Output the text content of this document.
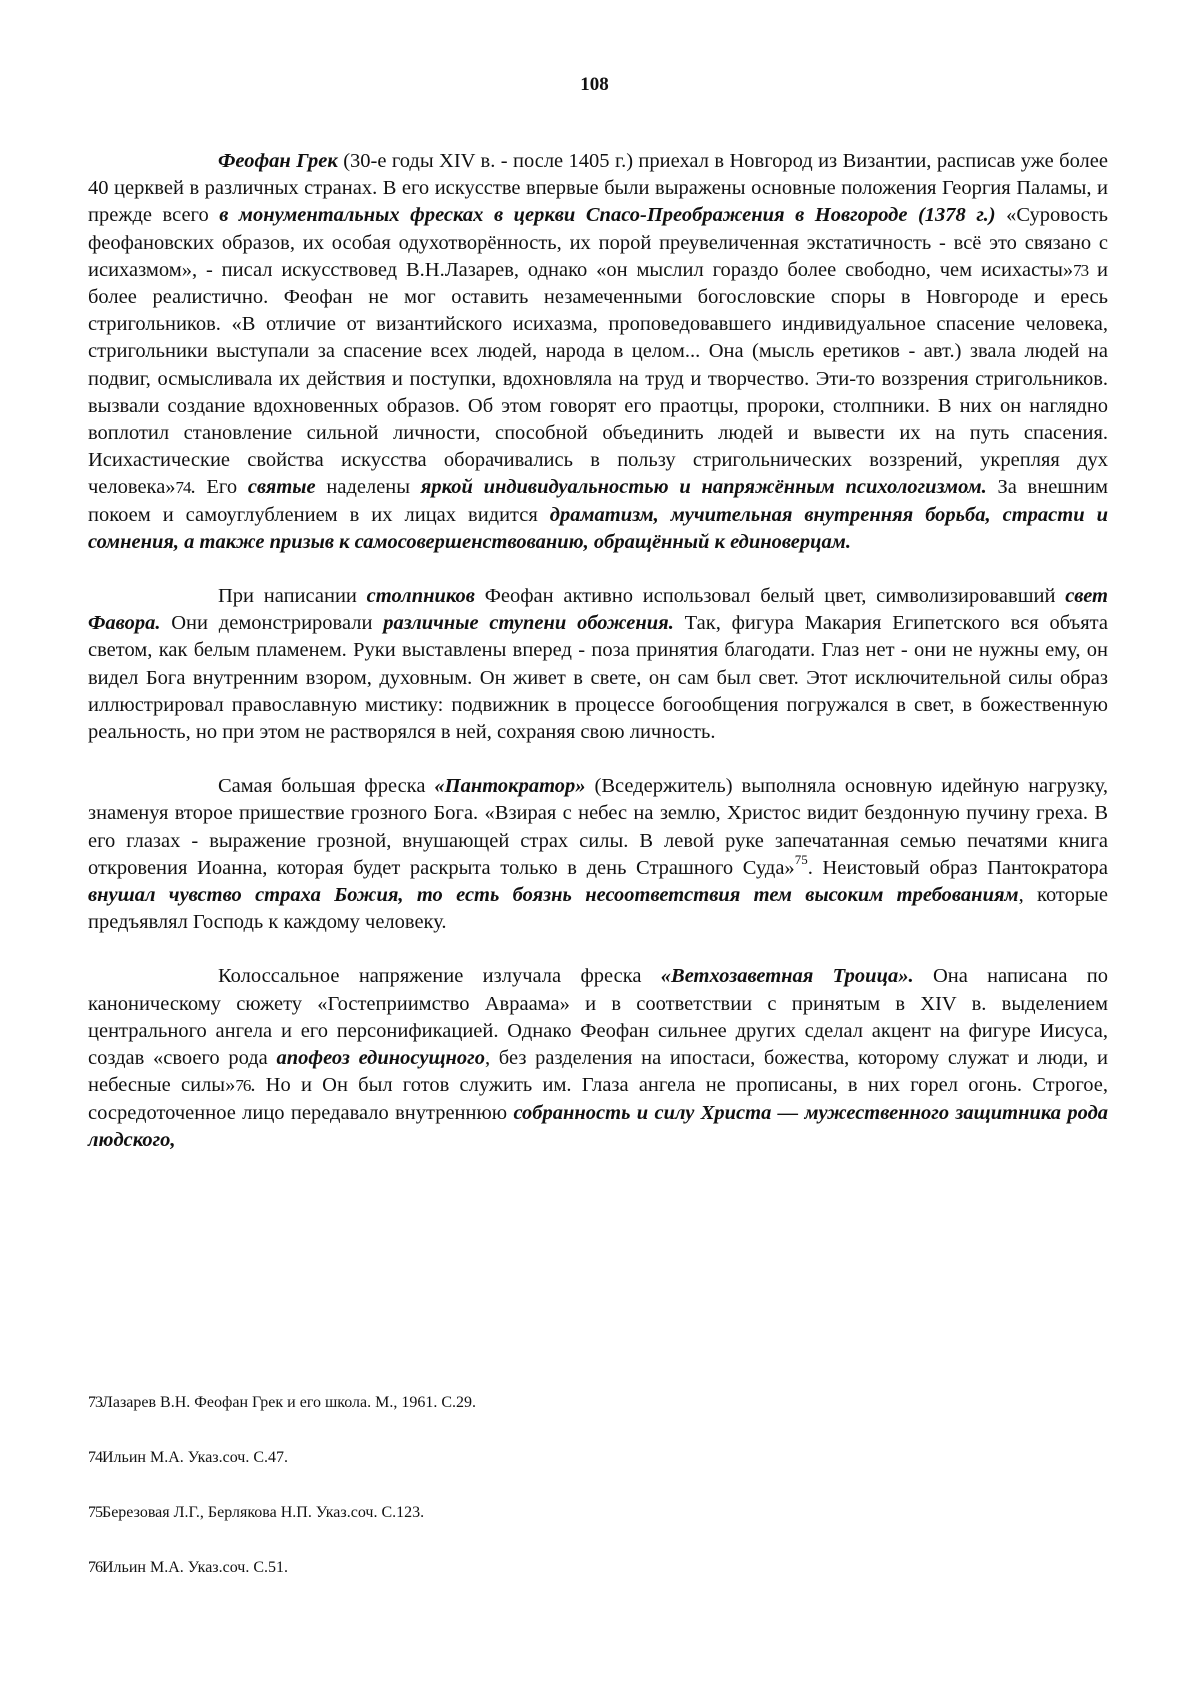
108

Феофан Грек (30-е годы XIV в. - после 1405 г.) приехал в Новгород из Византии, расписав уже более 40 церквей в различных странах. В его искусстве впервые были выражены основные положения Георгия Паламы, и прежде всего в монументальных фресках в церкви Спасо-Преображения в Новгороде (1378 г.) «Суровость феофановских образов, их особая одухотворённость, их порой преувеличенная экстатичность - всё это связано с исихазмом», - писал искусствовед В.Н.Лазарев, однако «он мыслил гораздо более свободно, чем исихасты»73 и более реалистично. Феофан не мог оставить незамеченными богословские споры в Новгороде и ересь стригольников. «В отличие от византийского исихазма, проповедовавшего индивидуальное спасение человека, стригольники выступали за спасение всех людей, народа в целом... Она (мысль еретиков - авт.) звала людей на подвиг, осмысливала их действия и поступки, вдохновляла на труд и творчество. Эти-то воззрения стригольников. вызвали создание вдохновенных образов. Об этом говорят его праотцы, пророки, столпники. В них он наглядно воплотил становление сильной личности, способной объединить людей и вывести их на путь спасения. Исихастические свойства искусства оборачивались в пользу стригольнических воззрений, укрепляя дух человека»74. Его святые наделены яркой индивидуальностью и напряжённым психологизмом. За внешним покоем и самоуглублением в их лицах видится драматизм, мучительная внутренняя борьба, страсти и сомнения, а также призыв к самосовершенствованию, обращённый к единоверцам.

При написании столпников Феофан активно использовал белый цвет, символизировавший свет Фавора. Они демонстрировали различные ступени обожения. Так, фигура Макария Египетского вся объята светом, как белым пламенем. Руки выставлены вперед - поза принятия благодати. Глаз нет - они не нужны ему, он видел Бога внутренним взором, духовным. Он живет в свете, он сам был свет. Этот исключительной силы образ иллюстрировал православную мистику: подвижник в процессе богообщения погружался в свет, в божественную реальность, но при этом не растворялся в ней, сохраняя свою личность.

Самая большая фреска «Пантократор» (Вседержитель) выполняла основную идейную нагрузку, знаменуя второе пришествие грозного Бога. «Взирая с небес на землю, Христос видит бездонную пучину греха. В его глазах - выражение грозной, внушающей страх силы. В левой руке запечатанная семью печатями книга откровения Иоанна, которая будет раскрыта только в день Страшного Суда»$^{75}$. Неистовый образ Пантократора внушал чувство страха Божия, то есть боязнь несоответствия тем высоким требованиям, которые предъявлял Господь к каждому человеку.

Колоссальное напряжение излучала фреска «Ветхозаветная Троица». Она написана по каноническому сюжету «Гостеприимство Авраама» и в соответствии с принятым в XIV в. выделением центрального ангела и его персонификацией. Однако Феофан сильнее других сделал акцент на фигуре Иисуса, создав «своего рода апофеоз единосущного, без разделения на ипостаси, божества, которому служат и люди, и небесные силы»76. Но и Он был готов служить им. Глаза ангела не прописаны, в них горел огонь. Строгое, сосредоточенное лицо передавало внутреннюю собранность и силу Христа — мужественного защитника рода людского,

73Лазарев В.Н. Феофан Грек и его школа. М., 1961. С.29.
74Ильин М.А. Указ.соч. С.47.
75Березовая Л.Г., Берлякова Н.П. Указ.соч. С.123.
76Ильин М.А. Указ.соч. С.51.
